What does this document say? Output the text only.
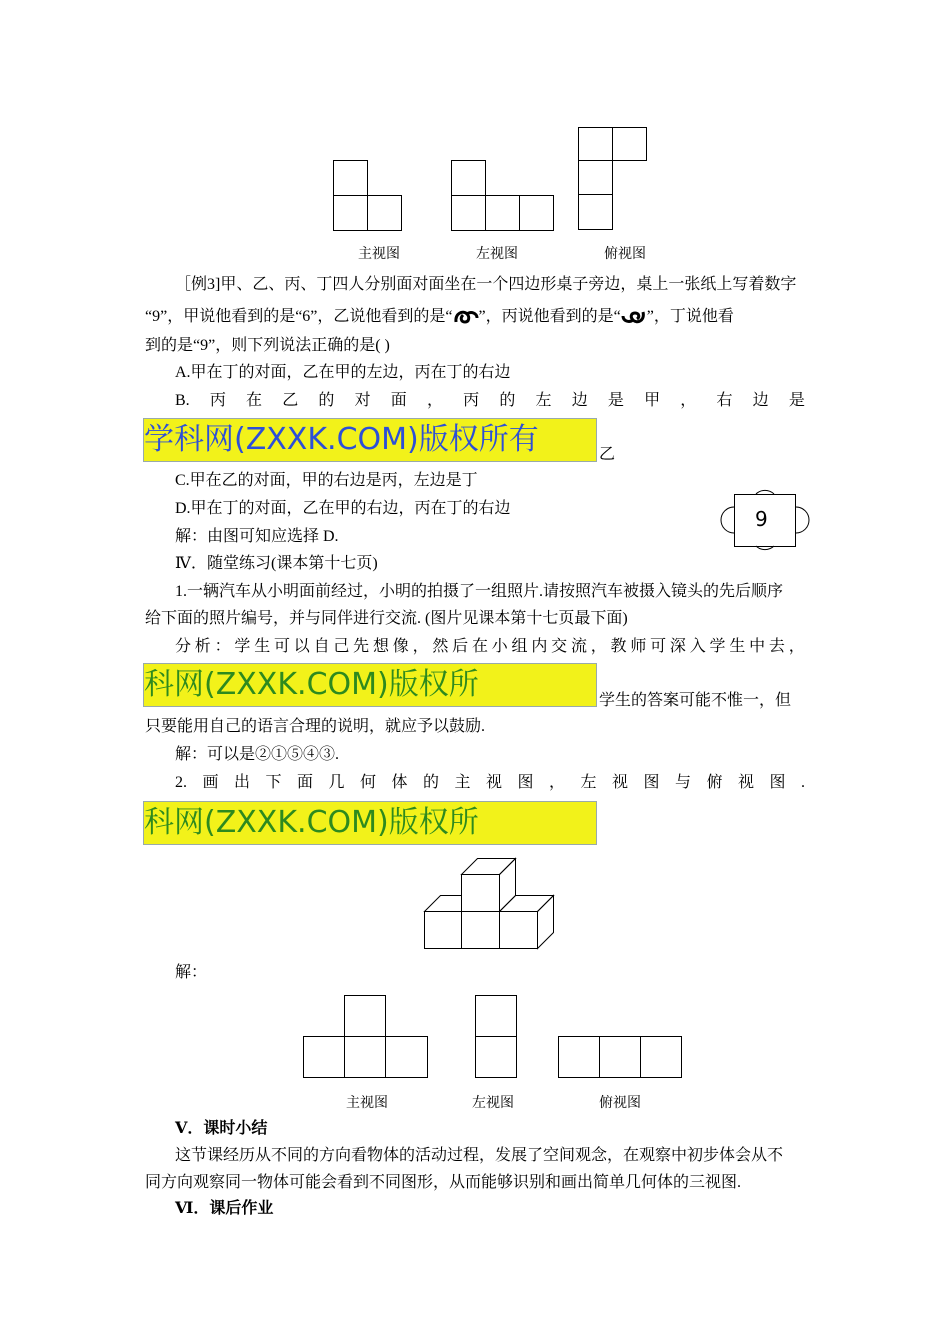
主视图	左视图	俯视图
［例3]甲、乙、丙、丁四人分别面对面坐在一个四边形桌子旁边，桌上一张纸上写着数字
“9”，甲说他看到的是“6”，乙说他看到的是“ ”，丙说他看到的是“ ”，丁说他看
到的是“9”，则下列说法正确的是( )
A.甲在丁的对面，乙在甲的左边，丙在丁的右边
B. 丙 在 乙 的 对 面 ， 丙 的 左 边 是 甲 ， 右 边 是
学科网(ZXXK.COM)版权所有	乙
C.甲在乙的对面，甲的右边是丙，左边是丁
D.甲在丁的对面，乙在甲的右边，丙在丁的右边
解：由图可知应选择 D.
9
Ⅳ．随堂练习(课本第十七页)
1.一辆汽车从小明面前经过，小明的拍摄了一组照片.请按照汽车被摄入镜头的先后顺序
给下面的照片编号，并与同伴进行交流. (图片见课本第十七页最下面)
分 析 ： 学 生 可 以 自 己 先 想 像 ， 然 后 在 小 组 内 交 流 ， 教 师 可 深 入 学 生 中 去 ，
科网(ZXXK.COM)版权所	学生的答案可能不惟一，但
只要能用自己的语言合理的说明，就应予以鼓励.
解：可以是②①⑤④③.
2. 画 出 下 面 几 何 体 的 主 视 图 ， 左 视 图 与 俯 视 图 .
科网(ZXXK.COM)版权所
解：
主视图	左视图	俯视图
Ⅴ．课时小结
这节课经历从不同的方向看物体的活动过程，发展了空间观念，在观察中初步体会从不
同方向观察同一物体可能会看到不同图形，从而能够识别和画出简单几何体的三视图.
Ⅵ．课后作业
